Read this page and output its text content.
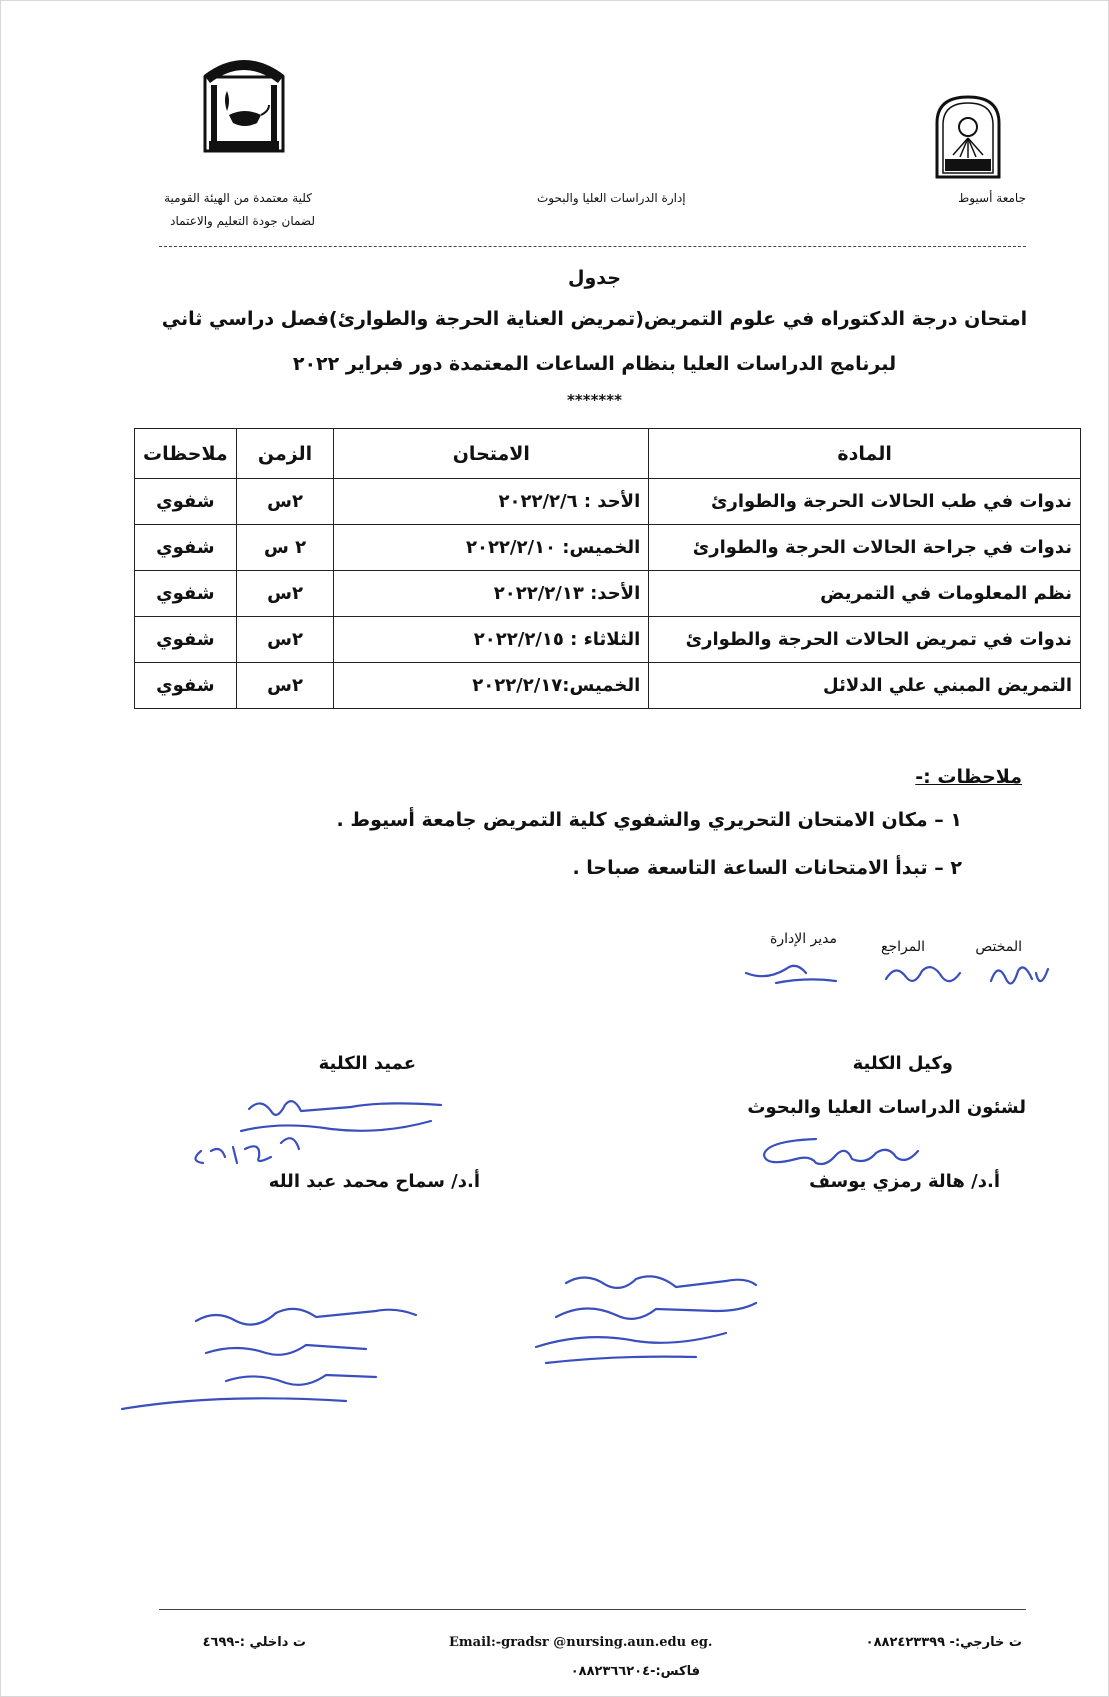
جامعة أسيوط
إدارة الدراسات العليا والبحوث
كلية معتمدة من الهيئة القومية
لضمان جودة التعليم والاعتماد
جدول
امتحان درجة الدكتوراه في علوم التمريض(تمريض العناية الحرجة والطوارئ)فصل دراسي ثاني
لبرنامج الدراسات العليا بنظام الساعات المعتمدة دور فبراير ٢٠٢٢
*******
المادة	الامتحان	الزمن	ملاحظات
ندوات في طب الحالات الحرجة والطوارئ	الأحد : ٢٠٢٢/٢/٦	٢س	شفوي
ندوات في جراحة الحالات الحرجة والطوارئ	الخميس: ٢٠٢٢/٢/١٠	٢ س	شفوي
نظم المعلومات في التمريض	الأحد: ٢٠٢٢/٢/١٣	٢س	شفوي
ندوات في تمريض الحالات الحرجة والطوارئ	الثلاثاء : ٢٠٢٢/٢/١٥	٢س	شفوي
التمريض المبني علي الدلائل	الخميس:٢٠٢٢/٢/١٧	٢س	شفوي
ملاحظات :-
١ – مكان الامتحان التحريري والشفوي كلية التمريض جامعة أسيوط .
٢ – تبدأ الامتحانات الساعة التاسعة صباحا .
المختص
المراجع
مدير الإدارة
وكيل الكلية
لشئون الدراسات العليا والبحوث
أ.د/ هالة رمزي يوسف
عميد الكلية
أ.د/ سماح محمد عبد الله
ت خارجي:- ٠٨٨٢٤٢٣٣٩٩
Email:-gradsr @nursing.aun.edu eg.
ت داخلي :-٤٦٩٩
فاكس:-٠٨٨٢٣٦٦٢٠٤
